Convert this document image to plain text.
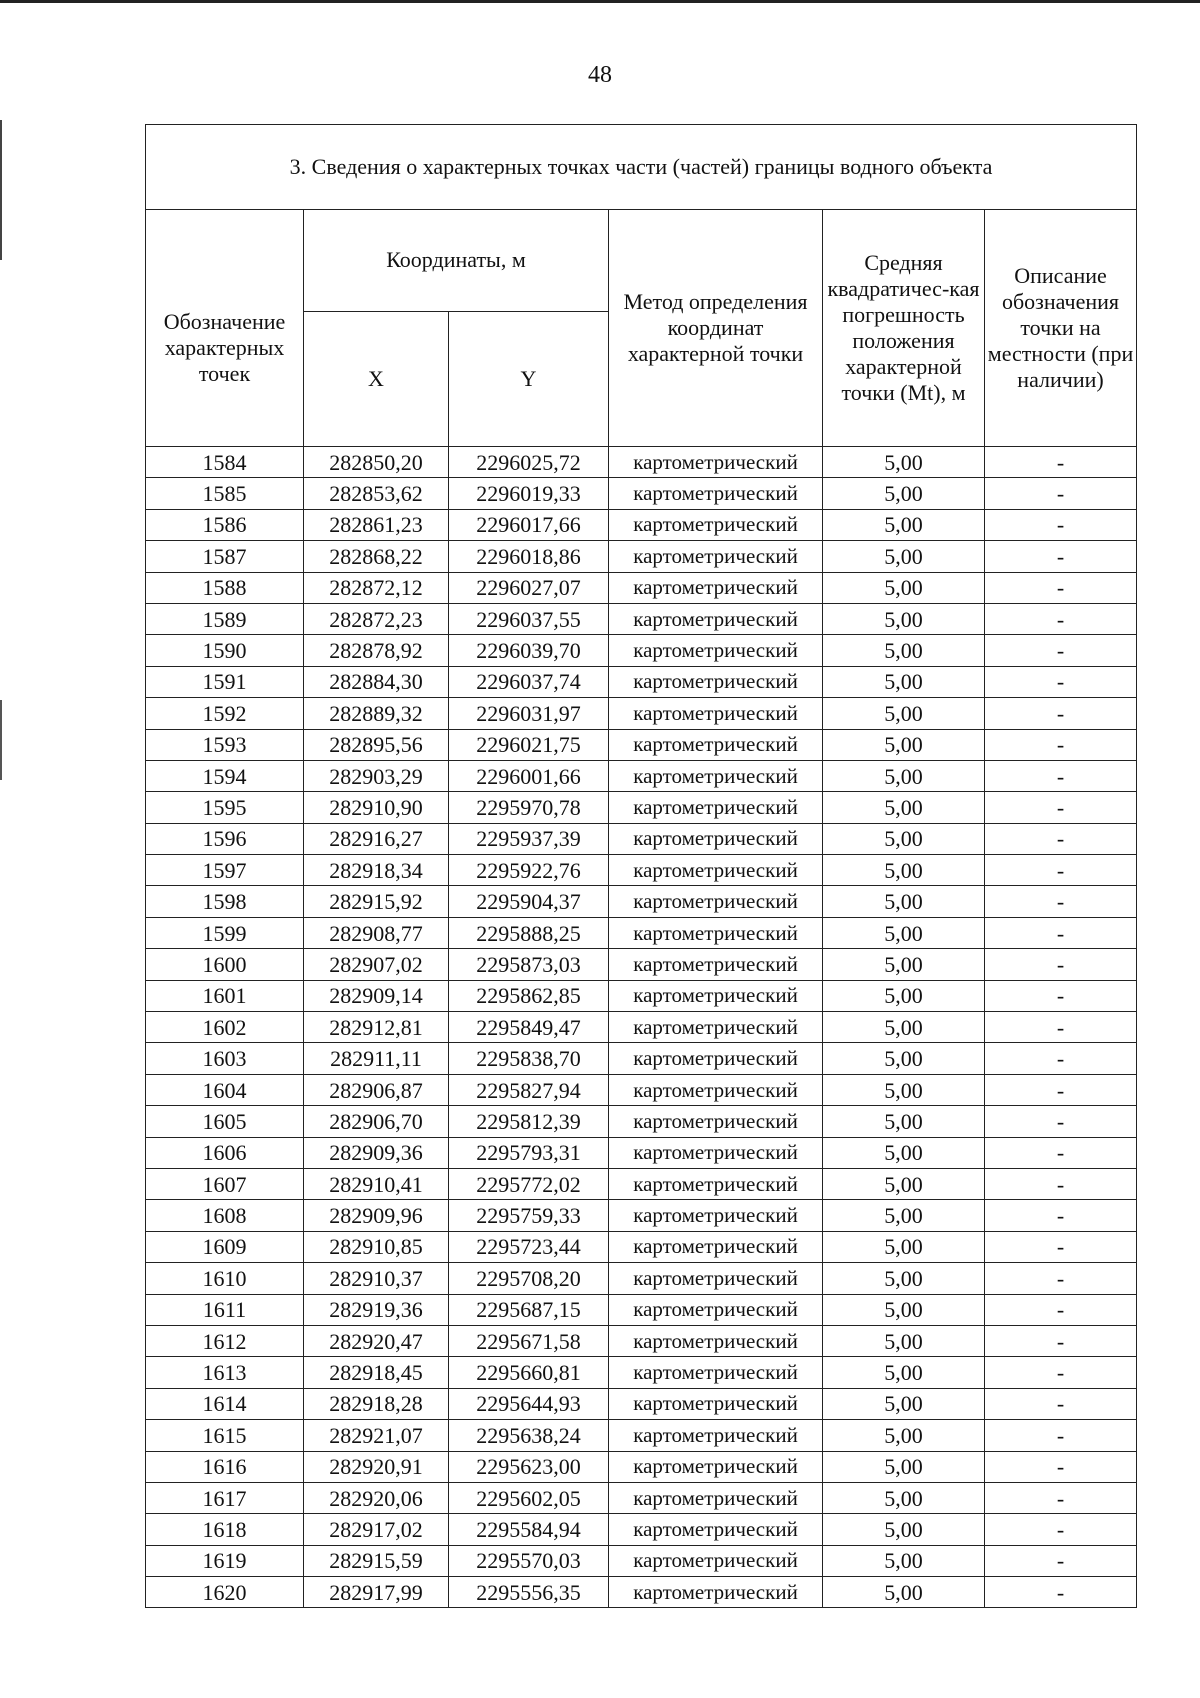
48
3. Сведения о характерных точках части (частей) границы водного объекта					
Обозначение характерных точек	Координаты, м		Метод определения координат характерной точки	Средняя квадратичес-кая погрешность положения характерной точки (Mt), м	Описание обозначения точки на местности (при наличии)
	X	Y			
1584	282850,20	2296025,72	картометрический	5,00	-
1585	282853,62	2296019,33	картометрический	5,00	-
1586	282861,23	2296017,66	картометрический	5,00	-
1587	282868,22	2296018,86	картометрический	5,00	-
1588	282872,12	2296027,07	картометрический	5,00	-
1589	282872,23	2296037,55	картометрический	5,00	-
1590	282878,92	2296039,70	картометрический	5,00	-
1591	282884,30	2296037,74	картометрический	5,00	-
1592	282889,32	2296031,97	картометрический	5,00	-
1593	282895,56	2296021,75	картометрический	5,00	-
1594	282903,29	2296001,66	картометрический	5,00	-
1595	282910,90	2295970,78	картометрический	5,00	-
1596	282916,27	2295937,39	картометрический	5,00	-
1597	282918,34	2295922,76	картометрический	5,00	-
1598	282915,92	2295904,37	картометрический	5,00	-
1599	282908,77	2295888,25	картометрический	5,00	-
1600	282907,02	2295873,03	картометрический	5,00	-
1601	282909,14	2295862,85	картометрический	5,00	-
1602	282912,81	2295849,47	картометрический	5,00	-
1603	282911,11	2295838,70	картометрический	5,00	-
1604	282906,87	2295827,94	картометрический	5,00	-
1605	282906,70	2295812,39	картометрический	5,00	-
1606	282909,36	2295793,31	картометрический	5,00	-
1607	282910,41	2295772,02	картометрический	5,00	-
1608	282909,96	2295759,33	картометрический	5,00	-
1609	282910,85	2295723,44	картометрический	5,00	-
1610	282910,37	2295708,20	картометрический	5,00	-
1611	282919,36	2295687,15	картометрический	5,00	-
1612	282920,47	2295671,58	картометрический	5,00	-
1613	282918,45	2295660,81	картометрический	5,00	-
1614	282918,28	2295644,93	картометрический	5,00	-
1615	282921,07	2295638,24	картометрический	5,00	-
1616	282920,91	2295623,00	картометрический	5,00	-
1617	282920,06	2295602,05	картометрический	5,00	-
1618	282917,02	2295584,94	картометрический	5,00	-
1619	282915,59	2295570,03	картометрический	5,00	-
1620	282917,99	2295556,35	картометрический	5,00	-
